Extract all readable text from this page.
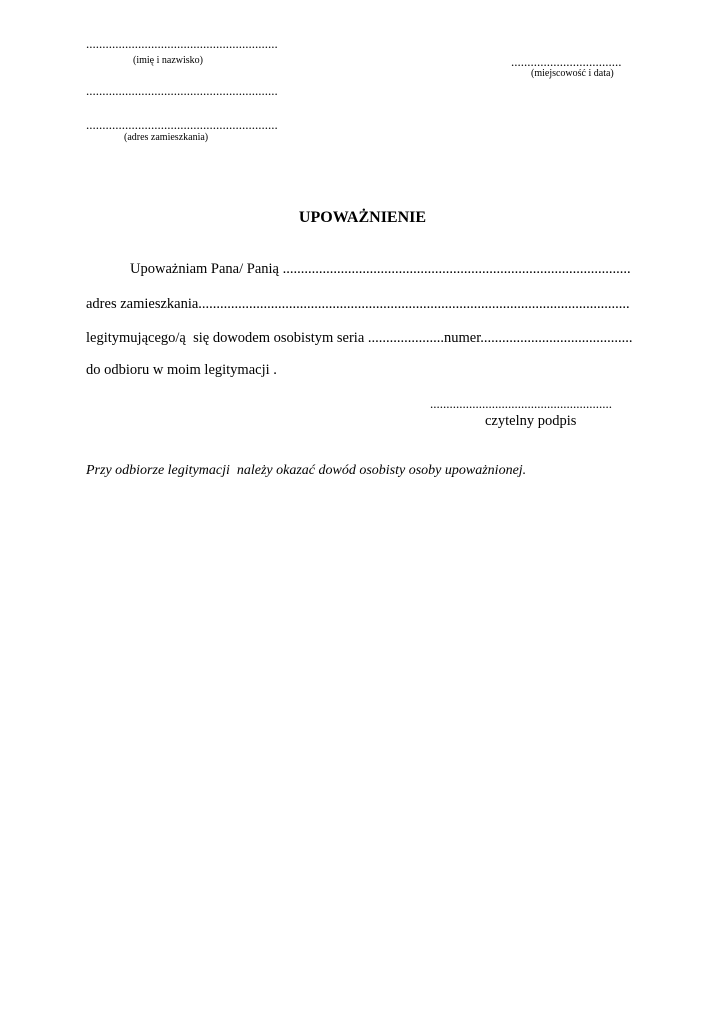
...........................................................
(imię i nazwisko)
...........................................................
...........................................................
(adres zamieszkania)
..................................
(miejscowość i data)
UPOWAŻNIENIE
Upoważniam Pana/ Panią ................................................................................................
adres zamieszkania.......................................................................................................................
legitymującego/ą  się dowodem osobistym seria .....................numer..........................................
do odbioru w moim legitymacji .
........................................................
czytelny podpis
Przy odbiorze legitymacji  należy okazać dowód osobisty osoby upoważnionej.
